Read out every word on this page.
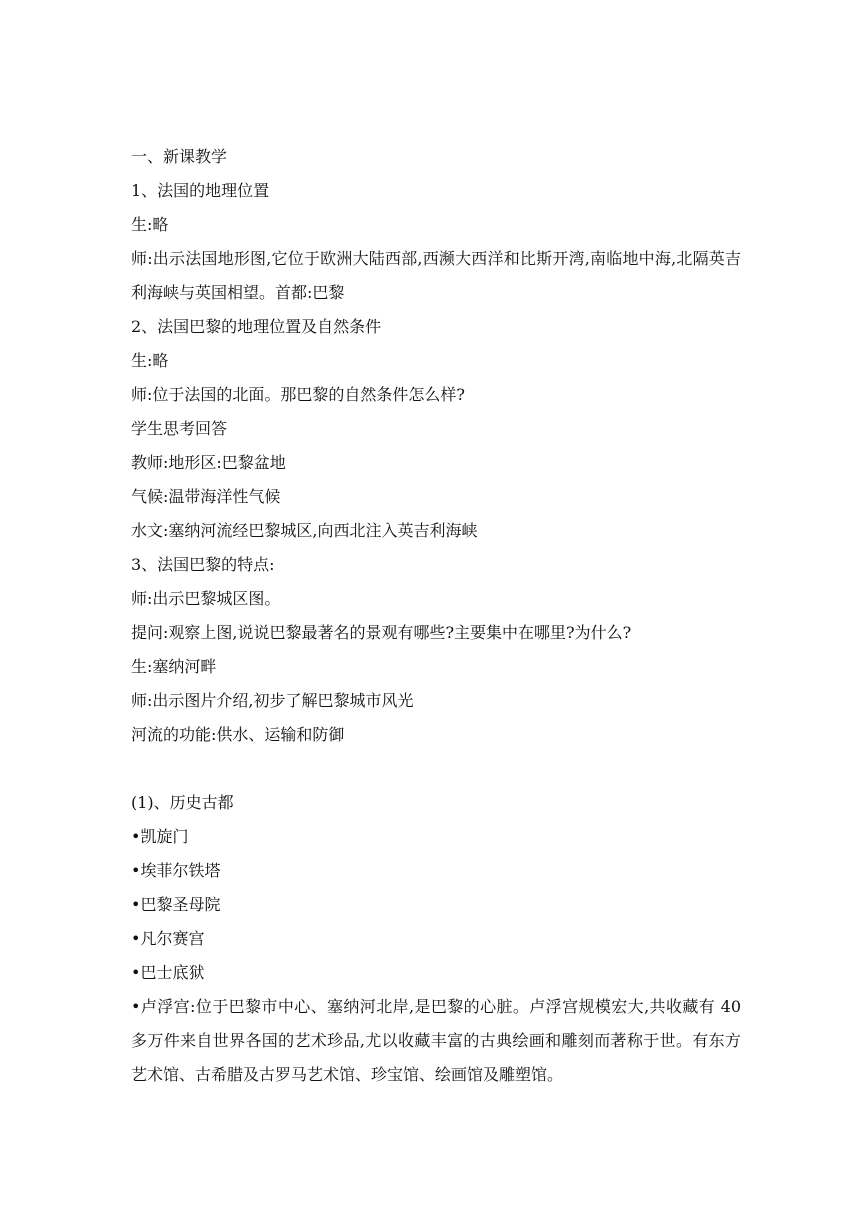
一、新课教学
1、法国的地理位置
生:略
师:出示法国地形图,它位于欧洲大陆西部,西濒大西洋和比斯开湾,南临地中海,北隔英吉利海峡与英国相望。首都:巴黎
2、法国巴黎的地理位置及自然条件
生:略
师:位于法国的北面。那巴黎的自然条件怎么样?
学生思考回答
教师:地形区:巴黎盆地
气候:温带海洋性气候
水文:塞纳河流经巴黎城区,向西北注入英吉利海峡
3、法国巴黎的特点:
师:出示巴黎城区图。
提问:观察上图,说说巴黎最著名的景观有哪些?主要集中在哪里?为什么?
生:塞纳河畔
师:出示图片介绍,初步了解巴黎城市风光
河流的功能:供水、运输和防御
(1)、历史古都
•凯旋门
•埃菲尔铁塔
•巴黎圣母院
•凡尔赛宫
•巴士底狱
•卢浮宫:位于巴黎市中心、塞纳河北岸,是巴黎的心脏。卢浮宫规模宏大,共收藏有 40 多万件来自世界各国的艺术珍品,尤以收藏丰富的古典绘画和雕刻而著称于世。有东方艺术馆、古希腊及古罗马艺术馆、珍宝馆、绘画馆及雕塑馆。
